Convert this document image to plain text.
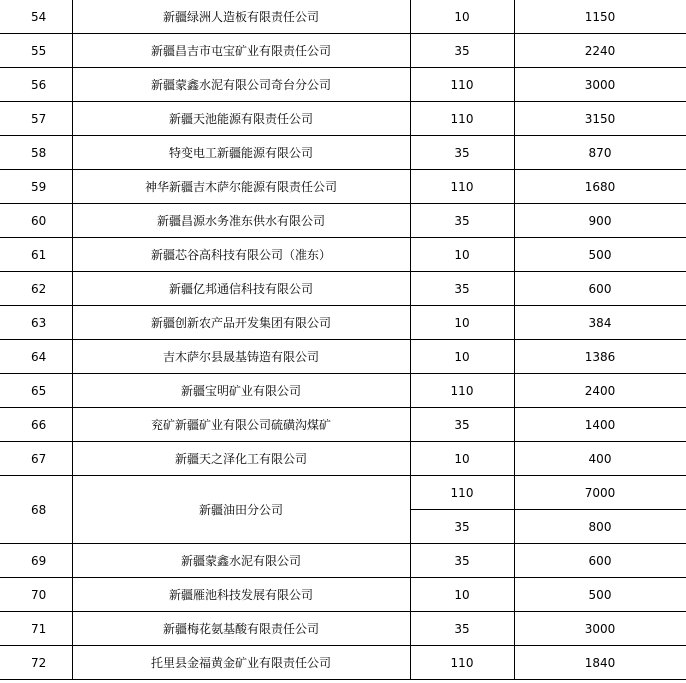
54	新疆绿洲人造板有限责任公司	10	1150
55	新疆昌吉市屯宝矿业有限责任公司	35	2240
56	新疆蒙鑫水泥有限公司奇台分公司	110	3000
57	新疆天池能源有限责任公司	110	3150
58	特变电工新疆能源有限公司	35	870
59	神华新疆吉木萨尔能源有限责任公司	110	1680
60	新疆昌源水务准东供水有限公司	35	900
61	新疆芯谷高科技有限公司（准东）	10	500
62	新疆亿邦通信科技有限公司	35	600
63	新疆创新农产品开发集团有限公司	10	384
64	吉木萨尔县晟基铸造有限公司	10	1386
65	新疆宝明矿业有限公司	110	2400
66	兖矿新疆矿业有限公司硫磺沟煤矿	35	1400
67	新疆天之泽化工有限公司	10	400
68	新疆油田分公司	110	7000
		35	800
69	新疆蒙鑫水泥有限公司	35	600
70	新疆雁池科技发展有限公司	10	500
71	新疆梅花氨基酸有限责任公司	35	3000
72	托里县金福黄金矿业有限责任公司	110	1840
